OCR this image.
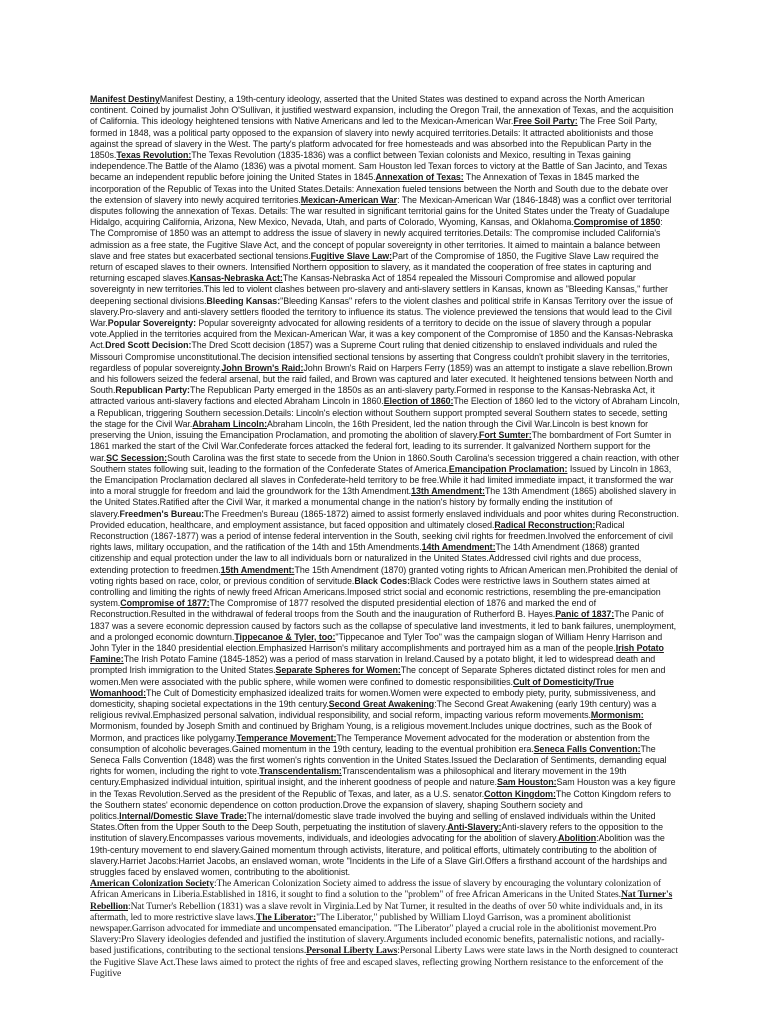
Manifest DestinyManifest Destiny, a 19th-century ideology, asserted that the United States was destined to expand across the North American continent. Coined by journalist John O'Sullivan, it justified westward expansion, including the Oregon Trail, the annexation of Texas, and the acquisition of California. This ideology heightened tensions with Native Americans and led to the Mexican-American War.Free Soil Party: The Free Soil Party, formed in 1848, was a political party opposed to the expansion of slavery into newly acquired territories.Details: It attracted abolitionists and those against the spread of slavery in the West. The party's platform advocated for free homesteads and was absorbed into the Republican Party in the 1850s.Texas Revolution:The Texas Revolution (1835-1836) was a conflict between Texian colonists and Mexico, resulting in Texas gaining independence.The Battle of the Alamo (1836) was a pivotal moment. Sam Houston led Texan forces to victory at the Battle of San Jacinto, and Texas became an independent republic before joining the United States in 1845.Annexation of Texas: The Annexation of Texas in 1845 marked the incorporation of the Republic of Texas into the United States.Details: Annexation fueled tensions between the North and South due to the debate over the extension of slavery into newly acquired territories.Mexican-American War: The Mexican-American War (1846-1848) was a conflict over territorial disputes following the annexation of Texas. Details: The war resulted in significant territorial gains for the United States under the Treaty of Guadalupe Hidalgo, acquiring California, Arizona, New Mexico, Nevada, Utah, and parts of Colorado, Wyoming, Kansas, and Oklahoma.Compromise of 1850: The Compromise of 1850 was an attempt to address the issue of slavery in newly acquired territories.Details: The compromise included California's admission as a free state, the Fugitive Slave Act, and the concept of popular sovereignty in other territories. It aimed to maintain a balance between slave and free states but exacerbated sectional tensions.Fugitive Slave Law:Part of the Compromise of 1850, the Fugitive Slave Law required the return of escaped slaves to their owners. Intensified Northern opposition to slavery, as it mandated the cooperation of free states in capturing and returning escaped slaves.Kansas-Nebraska Act:The Kansas-Nebraska Act of 1854 repealed the Missouri Compromise and allowed popular sovereignty in new territories.This led to violent clashes between pro-slavery and anti-slavery settlers in Kansas, known as "Bleeding Kansas," further deepening sectional divisions.Bleeding Kansas:"Bleeding Kansas" refers to the violent clashes and political strife in Kansas Territory over the issue of slavery.Pro-slavery and anti-slavery settlers flooded the territory to influence its status. The violence previewed the tensions that would lead to the Civil War.Popular Sovereignty: Popular sovereignty advocated for allowing residents of a territory to decide on the issue of slavery through a popular vote.Applied in the territories acquired from the Mexican-American War, it was a key component of the Compromise of 1850 and the Kansas-Nebraska Act.Dred Scott Decision:The Dred Scott decision (1857) was a Supreme Court ruling that denied citizenship to enslaved individuals and ruled the Missouri Compromise unconstitutional.The decision intensified sectional tensions by asserting that Congress couldn't prohibit slavery in the territories, regardless of popular sovereignty.John Brown's Raid:John Brown's Raid on Harpers Ferry (1859) was an attempt to instigate a slave rebellion.Brown and his followers seized the federal arsenal, but the raid failed, and Brown was captured and later executed. It heightened tensions between North and South.Republican Party:The Republican Party emerged in the 1850s as an anti-slavery party.Formed in response to the Kansas-Nebraska Act, it attracted various anti-slavery factions and elected Abraham Lincoln in 1860.Election of 1860:The Election of 1860 led to the victory of Abraham Lincoln, a Republican, triggering Southern secession.Details: Lincoln's election without Southern support prompted several Southern states to secede, setting the stage for the Civil War.Abraham Lincoln:Abraham Lincoln, the 16th President, led the nation through the Civil War.Lincoln is best known for preserving the Union, issuing the Emancipation Proclamation, and promoting the abolition of slavery.Fort Sumter:The bombardment of Fort Sumter in 1861 marked the start of the Civil War.Confederate forces attacked the federal fort, leading to its surrender. It galvanized Northern support for the war.SC Secession:South Carolina was the first state to secede from the Union in 1860.South Carolina's secession triggered a chain reaction, with other Southern states following suit, leading to the formation of the Confederate States of America.Emancipation Proclamation: Issued by Lincoln in 1863, the Emancipation Proclamation declared all slaves in Confederate-held territory to be free.While it had limited immediate impact, it transformed the war into a moral struggle for freedom and laid the groundwork for the 13th Amendment.13th Amendment:The 13th Amendment (1865) abolished slavery in the United States.Ratified after the Civil War, it marked a monumental change in the nation's history by formally ending the institution of slavery.Freedmen's Bureau:The Freedmen's Bureau (1865-1872) aimed to assist formerly enslaved individuals and poor whites during Reconstruction. Provided education, healthcare, and employment assistance, but faced opposition and ultimately closed.Radical Reconstruction:Radical Reconstruction (1867-1877) was a period of intense federal intervention in the South, seeking civil rights for freedmen.Involved the enforcement of civil rights laws, military occupation, and the ratification of the 14th and 15th Amendments.14th Amendment:The 14th Amendment (1868) granted citizenship and equal protection under the law to all individuals born or naturalized in the United States.Addressed civil rights and due process, extending protection to freedmen.15th Amendment:The 15th Amendment (1870) granted voting rights to African American men.Prohibited the denial of voting rights based on race, color, or previous condition of servitude.Black Codes:Black Codes were restrictive laws in Southern states aimed at controlling and limiting the rights of newly freed African Americans.Imposed strict social and economic restrictions, resembling the pre-emancipation system.Compromise of 1877:The Compromise of 1877 resolved the disputed presidential election of 1876 and marked the end of Reconstruction.Resulted in the withdrawal of federal troops from the South and the inauguration of Rutherford B. Hayes.Panic of 1837:The Panic of 1837 was a severe economic depression caused by factors such as the collapse of speculative land investments, it led to bank failures, unemployment, and a prolonged economic downturn.Tippecanoe & Tyler, too:"Tippecanoe and Tyler Too" was the campaign slogan of William Henry Harrison and John Tyler in the 1840 presidential election.Emphasized Harrison's military accomplishments and portrayed him as a man of the people.Irish Potato Famine:The Irish Potato Famine (1845-1852) was a period of mass starvation in Ireland.Caused by a potato blight, it led to widespread death and prompted Irish immigration to the United States.Separate Spheres for Women:The concept of Separate Spheres dictated distinct roles for men and women.Men were associated with the public sphere, while women were confined to domestic responsibilities.Cult of Domesticity/True Womanhood:The Cult of Domesticity emphasized idealized traits for women.Women were expected to embody piety, purity, submissiveness, and domesticity, shaping societal expectations in the 19th century.Second Great Awakening:The Second Great Awakening (early 19th century) was a religious revival.Emphasized personal salvation, individual responsibility, and social reform, impacting various reform movements.Mormonism: Mormonism, founded by Joseph Smith and continued by Brigham Young, is a religious movement.Includes unique doctrines, such as the Book of Mormon, and practices like polygamy.Temperance Movement:The Temperance Movement advocated for the moderation or abstention from the consumption of alcoholic beverages.Gained momentum in the 19th century, leading to the eventual prohibition era.Seneca Falls Convention:The Seneca Falls Convention (1848) was the first women's rights convention in the United States.Issued the Declaration of Sentiments, demanding equal rights for women, including the right to vote.Transcendentalism:Transcendentalism was a philosophical and literary movement in the 19th century.Emphasized individual intuition, spiritual insight, and the inherent goodness of people and nature.Sam Houston:Sam Houston was a key figure in the Texas Revolution.Served as the president of the Republic of Texas, and later, as a U.S. senator.Cotton Kingdom:The Cotton Kingdom refers to the Southern states' economic dependence on cotton production.Drove the expansion of slavery, shaping Southern society and politics.Internal/Domestic Slave Trade:The internal/domestic slave trade involved the buying and selling of enslaved individuals within the United States.Often from the Upper South to the Deep South, perpetuating the institution of slavery.Anti-Slavery:Anti-slavery refers to the opposition to the institution of slavery.Encompasses various movements, individuals, and ideologies advocating for the abolition of slavery.Abolition:Abolition was the 19th-century movement to end slavery.Gained momentum through activists, literature, and political efforts, ultimately contributing to the abolition of slavery.Harriet Jacobs:Harriet Jacobs, an enslaved woman, wrote "Incidents in the Life of a Slave Girl.Offers a firsthand account of the hardships and struggles faced by enslaved women, contributing to the abolitionist.

American Colonization Society:The American Colonization Society aimed to address the issue of slavery by encouraging the voluntary colonization of African Americans in Liberia.Established in 1816, it sought to find a solution to the "problem" of free African Americans in the United States.Nat Turner's Rebellion:Nat Turner's Rebellion (1831) was a slave revolt in Virginia.Led by Nat Turner, it resulted in the deaths of over 50 white individuals and, in its aftermath, led to more restrictive slave laws.The Liberator:"The Liberator," published by William Lloyd Garrison, was a prominent abolitionist newspaper.Garrison advocated for immediate and uncompensated emancipation. "The Liberator" played a crucial role in the abolitionist movement.Pro Slavery:Pro Slavery ideologies defended and justified the institution of slavery.Arguments included economic benefits, paternalistic notions, and racially-based justifications, contributing to the sectional tensions.Personal Liberty Laws:Personal Liberty Laws were state laws in the North designed to counteract the Fugitive Slave Act.These laws aimed to protect the rights of free and escaped slaves, reflecting growing Northern resistance to the enforcement of the Fugitive
